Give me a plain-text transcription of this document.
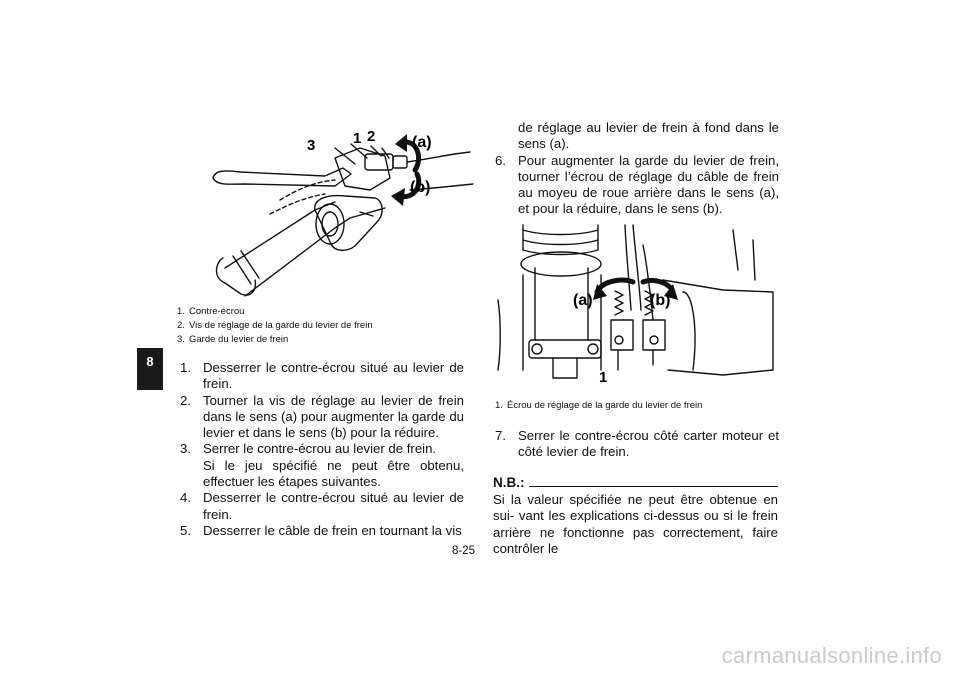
8
3	1 2 (a)
(b)
1. Contre-écrou
2. Vis de réglage de la garde du levier de frein
3. Garde du levier de frein
1. Desserrer le contre-écrou situé au levier de frein.
2. Tourner la vis de réglage au levier de frein dans le sens (a) pour augmenter la garde du levier et dans le sens (b) pour la réduire.
3. Serrer le contre-écrou au levier de frein.
Si le jeu spécifié ne peut être obtenu, effectuer les étapes suivantes.
4. Desserrer le contre-écrou situé au levier de frein.
5. Desserrer le câble de frein en tournant la vis
de réglage au levier de frein à fond dans le sens (a).
6. Pour augmenter la garde du levier de frein, tourner l’écrou de réglage du câble de frein au moyeu de roue arrière dans le sens (a), et pour la réduire, dans le sens (b).
(a)	(b)
1
1. Écrou de réglage de la garde du levier de frein
7. Serrer le contre-écrou côté carter moteur et côté levier de frein.
N.B.:
Si la valeur spécifiée ne peut être obtenue en sui- vant les explications ci-dessus ou si le frein arrière ne fonctionne pas correctement, faire contrôler le
8-25
carmanualsonline.info
